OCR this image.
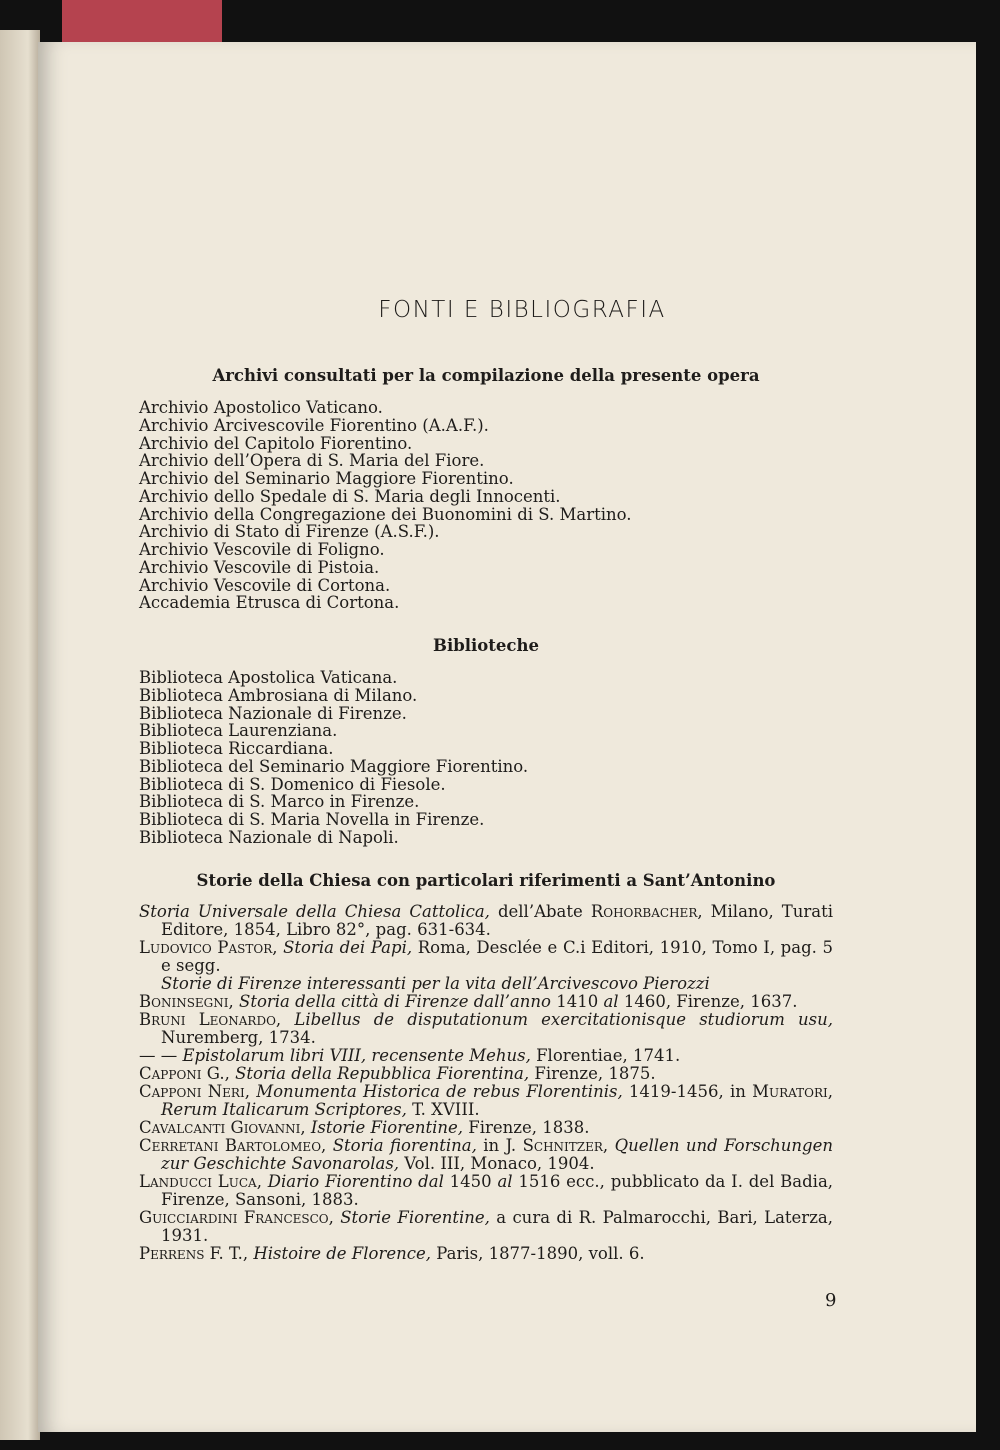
FONTI E BIBLIOGRAFIA
Archivi consultati per la compilazione della presente opera
Archivio Apostolico Vaticano.
Archivio Arcivescovile Fiorentino (A.A.F.).
Archivio del Capitolo Fiorentino.
Archivio dell’Opera di S. Maria del Fiore.
Archivio del Seminario Maggiore Fiorentino.
Archivio dello Spedale di S. Maria degli Innocenti.
Archivio della Congregazione dei Buonomini di S. Martino.
Archivio di Stato di Firenze (A.S.F.).
Archivio Vescovile di Foligno.
Archivio Vescovile di Pistoia.
Archivio Vescovile di Cortona.
Accademia Etrusca di Cortona.
Biblioteche
Biblioteca Apostolica Vaticana.
Biblioteca Ambrosiana di Milano.
Biblioteca Nazionale di Firenze.
Biblioteca Laurenziana.
Biblioteca Riccardiana.
Biblioteca del Seminario Maggiore Fiorentino.
Biblioteca di S. Domenico di Fiesole.
Biblioteca di S. Marco in Firenze.
Biblioteca di S. Maria Novella in Firenze.
Biblioteca Nazionale di Napoli.
Storie della Chiesa con particolari riferimenti a Sant’Antonino
Storia Universale della Chiesa Cattolica, dell’Abate Rohorbacher, Milano, Turati Editore, 1854, Libro 82°, pag. 631-634.
Ludovico Pastor, Storia dei Papi, Roma, Desclée e C.i Editori, 1910, Tomo I, pag. 5 e segg.
Storie di Firenze interessanti per la vita dell’Arcivescovo Pierozzi
Boninsegni, Storia della città di Firenze dall’anno 1410 al 1460, Firenze, 1637.
Bruni Leonardo, Libellus de disputationum exercitationisque studiorum usu, Nuremberg, 1734.
— — Epistolarum libri VIII, recensente Mehus, Florentiae, 1741.
Capponi G., Storia della Repubblica Fiorentina, Firenze, 1875.
Capponi Neri, Monumenta Historica de rebus Florentinis, 1419-1456, in Muratori, Rerum Italicarum Scriptores, T. XVIII.
Cavalcanti Giovanni, Istorie Fiorentine, Firenze, 1838.
Cerretani Bartolomeo, Storia fiorentina, in J. Schnitzer, Quellen und Forschungen zur Geschichte Savonarolas, Vol. III, Monaco, 1904.
Landucci Luca, Diario Fiorentino dal 1450 al 1516 ecc., pubblicato da I. del Badia, Firenze, Sansoni, 1883.
Guicciardini Francesco, Storie Fiorentine, a cura di R. Palmarocchi, Bari, Laterza, 1931.
Perrens F. T., Histoire de Florence, Paris, 1877-1890, voll. 6.
9
